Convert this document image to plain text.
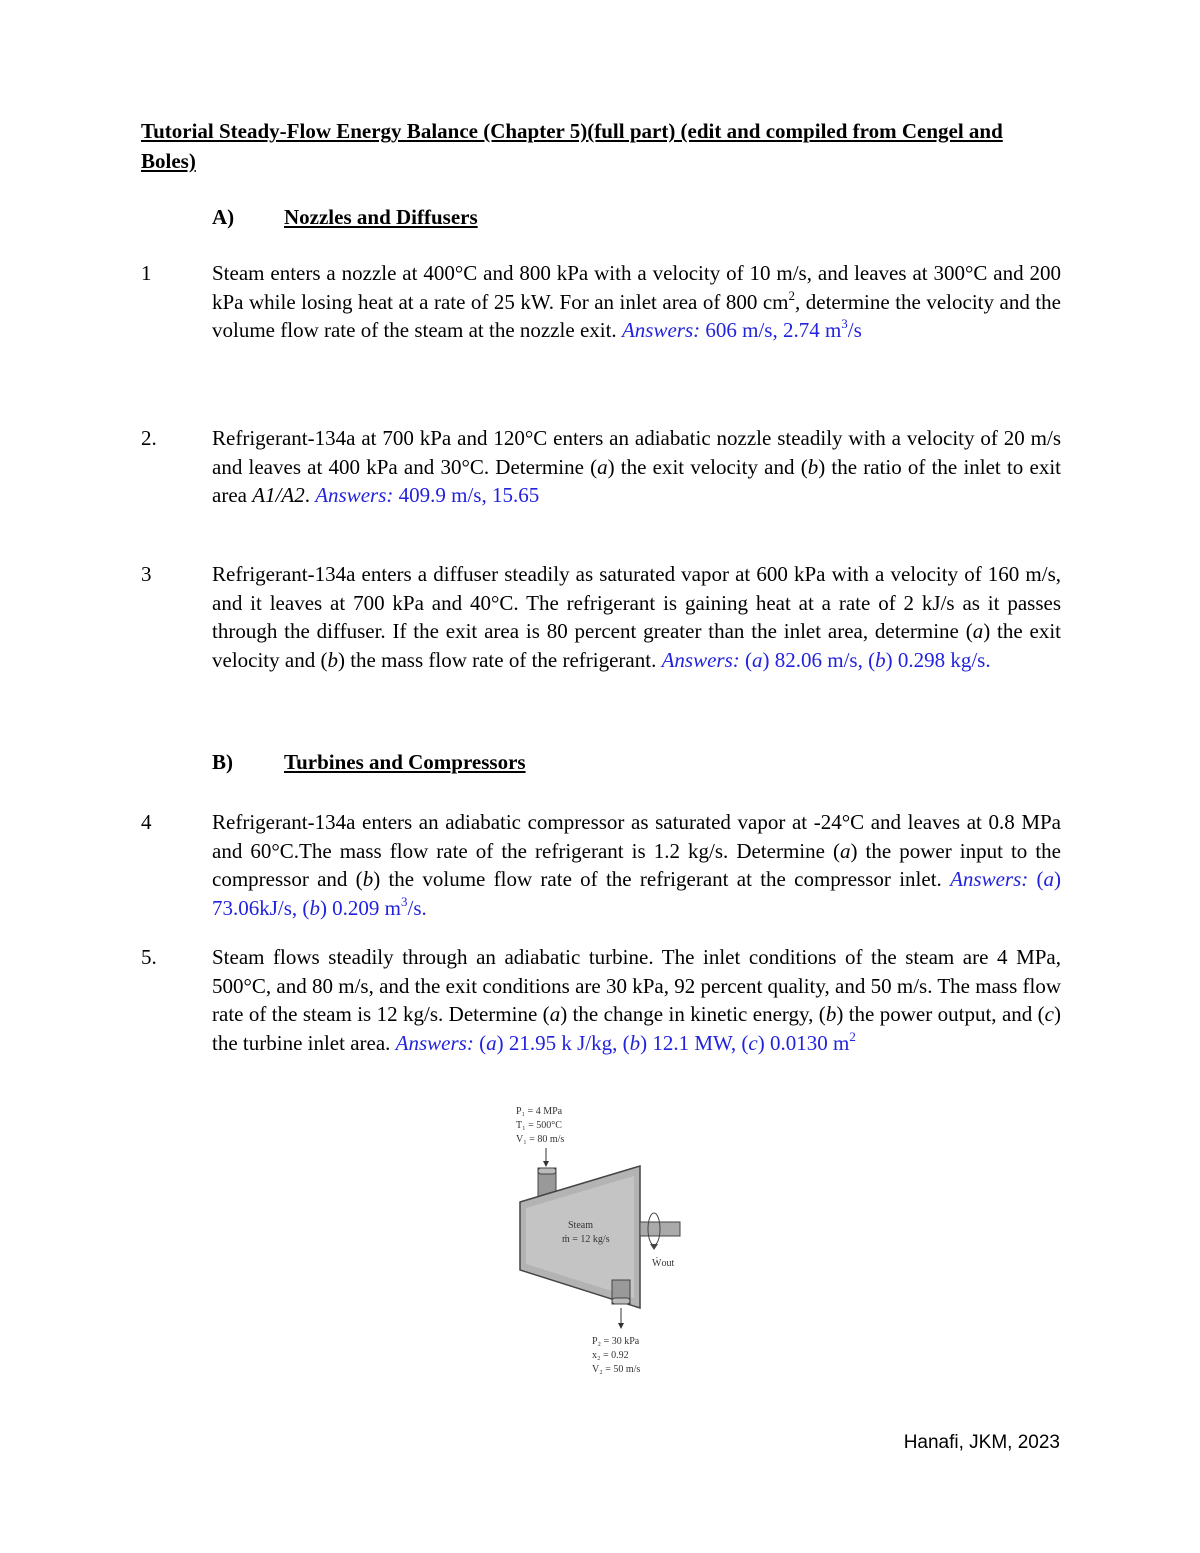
Tutorial Steady-Flow Energy Balance (Chapter 5)(full part) (edit and compiled from Cengel and Boles)
A) Nozzles and Diffusers
1	Steam enters a nozzle at 400°C and 800 kPa with a velocity of 10 m/s, and leaves at 300°C and 200 kPa while losing heat at a rate of 25 kW. For an inlet area of 800 $cm^2$, determine the velocity and the volume flow rate of the steam at the nozzle exit. Answers: 606 m/s, 2.74 $m^3/s$
2.	Refrigerant-134a at 700 kPa and 120°C enters an adiabatic nozzle steadily with a velocity of 20 m/s and leaves at 400 kPa and 30°C. Determine (a) the exit velocity and (b) the ratio of the inlet to exit area A1/A2. Answers: 409.9 m/s, 15.65
3	Refrigerant-134a enters a diffuser steadily as saturated vapor at 600 kPa with a velocity of 160 m/s, and it leaves at 700 kPa and 40°C. The refrigerant is gaining heat at a rate of 2 kJ/s as it passes through the diffuser. If the exit area is 80 percent greater than the inlet area, determine (a) the exit velocity and (b) the mass flow rate of the refrigerant. Answers: (a) 82.06 m/s, (b) 0.298 kg/s.
B) Turbines and Compressors
4	Refrigerant-134a enters an adiabatic compressor as saturated vapor at -24°C and leaves at 0.8 MPa and 60°C.The mass flow rate of the refrigerant is 1.2 kg/s. Determine (a) the power input to the compressor and (b) the volume flow rate of the refrigerant at the compressor inlet. Answers: (a) 73.06kJ/s, (b) 0.209 $m^3/s$.
5.	Steam flows steadily through an adiabatic turbine. The inlet conditions of the steam are 4 MPa, 500°C, and 80 m/s, and the exit conditions are 30 kPa, 92 percent quality, and 50 m/s. The mass flow rate of the steam is 12 kg/s. Determine (a) the change in kinetic energy, (b) the power output, and (c) the turbine inlet area. Answers: (a) 21.95 k J/kg, (b) 12.1 MW, (c) 0.0130 $m^2$
P₁ = 4 MPa
T₁ = 500°C
V₁ = 80 m/s
Steam
ṁ = 12 kg/s
Ẇout
P₂ = 30 kPa
x₂ = 0.92
V₂ = 50 m/s
Hanafi, JKM, 2023
